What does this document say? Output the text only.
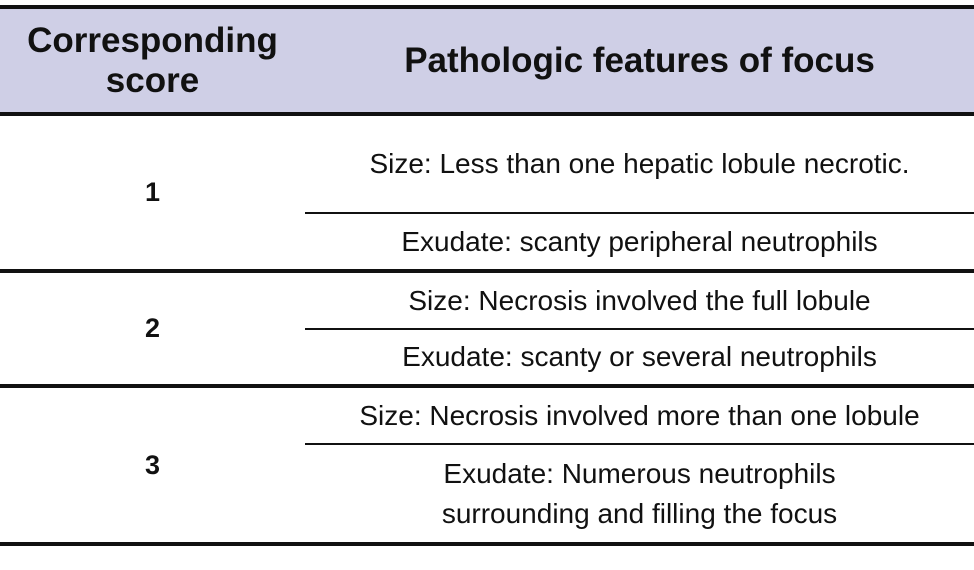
Corresponding score
Pathologic features of focus
1
Size: Less than one hepatic lobule necrotic.
Exudate: scanty peripheral neutrophils
2
Size: Necrosis involved the full lobule
Exudate: scanty or several neutrophils
3
Size: Necrosis involved more than one lobule
Exudate: Numerous neutrophils surrounding and filling the focus
